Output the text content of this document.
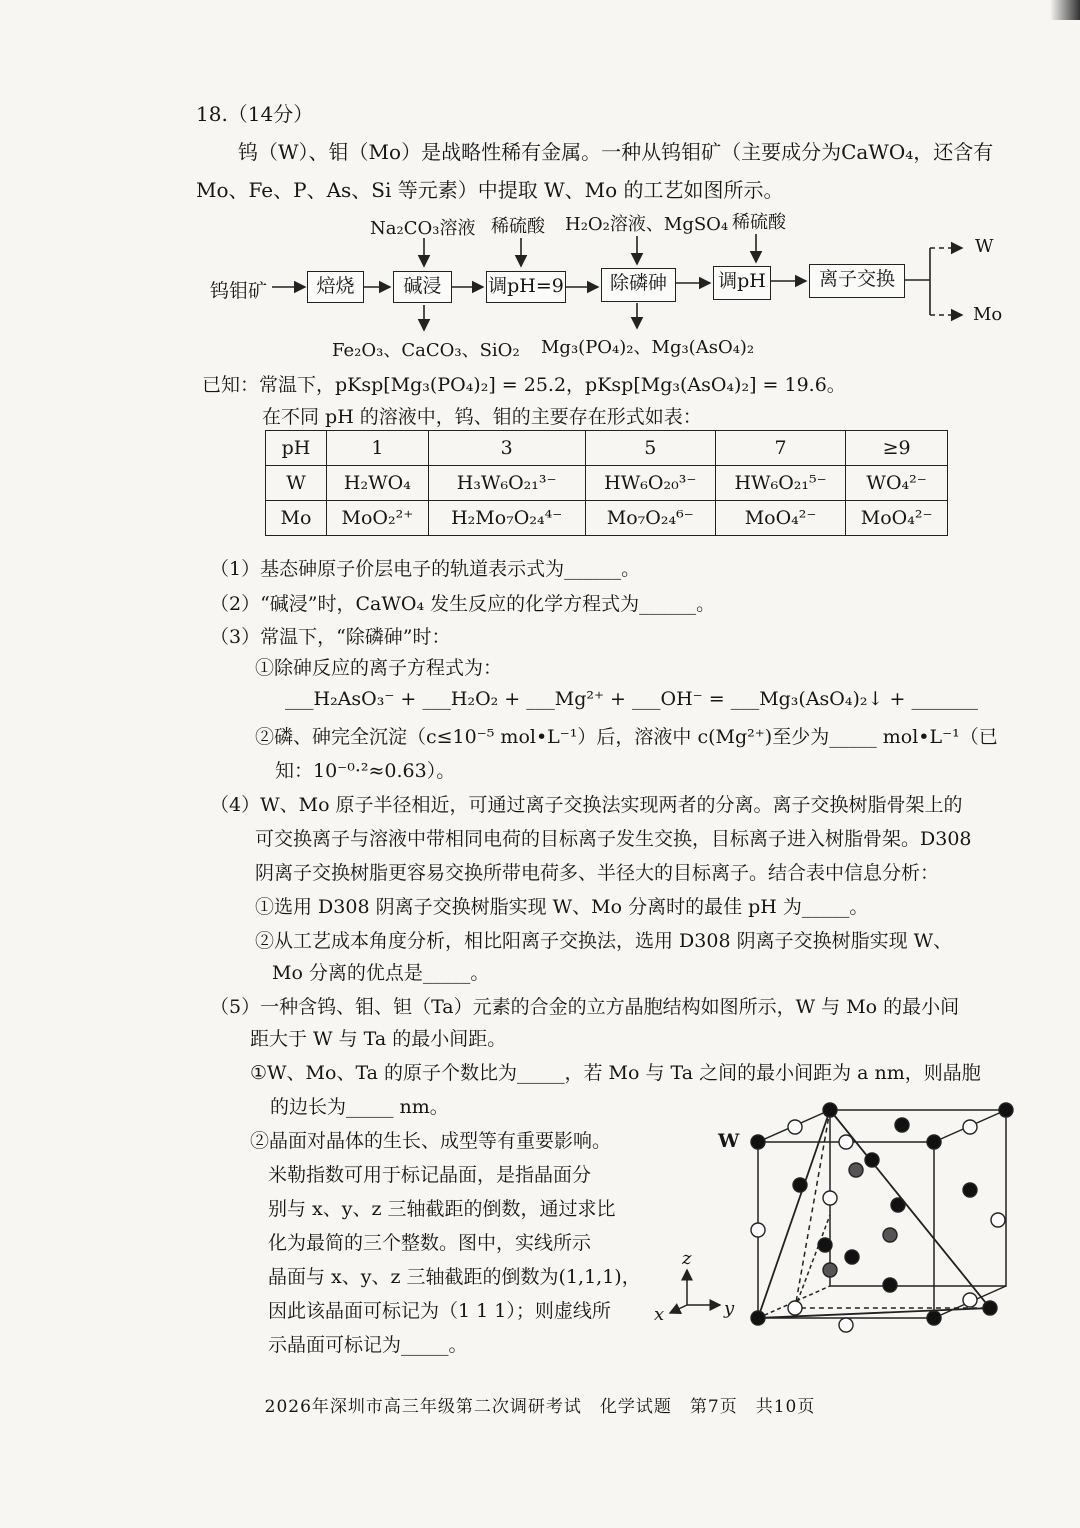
18.（14分）
钨（W）、钼（Mo）是战略性稀有金属。一种从钨钼矿（主要成分为CaWO₄，还含有
Mo、Fe、P、As、Si 等元素）中提取 W、Mo 的工艺如图所示。
钨钼矿	焙烧	碱浸	调pH=9	除磷砷	调pH	离子交换
Na₂CO₃溶液 稀硫酸 H₂O₂溶液、MgSO₄ 稀硫酸
Fe₂O₃、CaCO₃、SiO₂ Mg₃(PO₄)₂、Mg₃(AsO₄)₂
W
Mo
已知：常温下，pKsp[Mg₃(PO₄)₂] = 25.2，pKsp[Mg₃(AsO₄)₂] = 19.6。
在不同 pH 的溶液中，钨、钼的主要存在形式如表：
pH	1	3	5	7	≥9
W	H₂WO₄	H₃W₆O₂₁³⁻	HW₆O₂₀³⁻	HW₆O₂₁⁵⁻	WO₄²⁻
Mo	MoO₂²⁺	H₂Mo₇O₂₄⁴⁻	Mo₇O₂₄⁶⁻	MoO₄²⁻	MoO₄²⁻
（1）基态砷原子价层电子的轨道表示式为______。
（2）“碱浸”时，CaWO₄ 发生反应的化学方程式为______。
（3）常温下，“除磷砷”时：
①除砷反应的离子方程式为：
___H₂AsO₃⁻ + ___H₂O₂ + ___Mg²⁺ + ___OH⁻ = ___Mg₃(AsO₄)₂↓ + _______
②磷、砷完全沉淀（c≤10⁻⁵ mol•L⁻¹）后，溶液中 c(Mg²⁺)至少为_____ mol•L⁻¹（已
知：10⁻⁰·²≈0.63）。
（4）W、Mo 原子半径相近，可通过离子交换法实现两者的分离。离子交换树脂骨架上的
可交换离子与溶液中带相同电荷的目标离子发生交换，目标离子进入树脂骨架。D308
阴离子交换树脂更容易交换所带电荷多、半径大的目标离子。结合表中信息分析：
①选用 D308 阴离子交换树脂实现 W、Mo 分离时的最佳 pH 为_____。
②从工艺成本角度分析，相比阳离子交换法，选用 D308 阴离子交换树脂实现 W、
Mo 分离的优点是_____。
（5）一种含钨、钼、钽（Ta）元素的合金的立方晶胞结构如图所示，W 与 Mo 的最小间
距大于 W 与 Ta 的最小间距。
①W、Mo、Ta 的原子个数比为_____，若 Mo 与 Ta 之间的最小间距为 a nm，则晶胞
的边长为_____ nm。
②晶面对晶体的生长、成型等有重要影响。
米勒指数可用于标记晶面，是指晶面分
别与 x、y、z 三轴截距的倒数，通过求比
化为最简的三个整数。图中，实线所示
晶面与 x、y、z 三轴截距的倒数为(1,1,1)，
因此该晶面可标记为（1 1 1）；则虚线所
示晶面可标记为_____。
W
z
x	y
2026年深圳市高三年级第二次调研考试　化学试题　第7页　共10页
